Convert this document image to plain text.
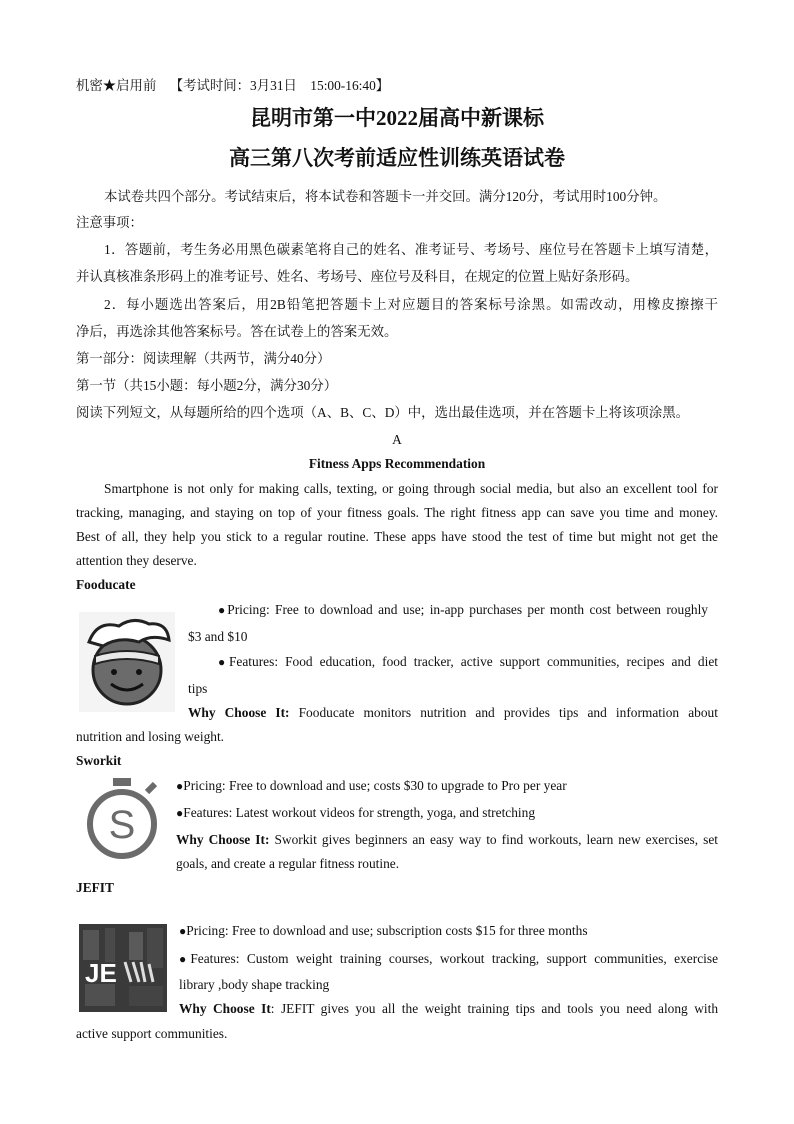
机密★启用前 【考试时间：3月31日　15:00-16:40】
昆明市第一中2022届高中新课标
高三第八次考前适应性训练英语试卷
本试卷共四个部分。考试结束后，将本试卷和答题卡一并交回。满分120分，考试用时100分钟。
注意事项：
1．答题前，考生务必用黑色碳素笔将自己的姓名、准考证号、考场号、座位号在答题卡上填写清楚，
并认真核准条形码上的准考证号、姓名、考场号、座位号及科目，在规定的位置上贴好条形码。
2．每小题选出答案后，用2B铅笔把答题卡上对应题目的答案标号涂黑。如需改动，用橡皮擦擦干
净后，再选涂其他答案标号。答在试卷上的答案无效。
第一部分：阅读理解（共两节，满分40分）
第一节（共15小题：每小题2分，满分30分）
阅读下列短文，从每题所给的四个选项（A、B、C、D）中，选出最佳选项，并在答题卡上将该项涂黑。
A
Fitness Apps Recommendation
Smartphone is not only for making calls, texting, or going through social media, but also an excellent tool for
tracking, managing, and staying on top of your fitness goals. The right fitness app can save you time and money.
Best of all, they help you stick to a regular routine. These apps have stood the test of time but might not get the
attention they deserve.
Fooducate
●Pricing: Free to download and use; in-app purchases per month cost between roughly
$3 and $10
●Features: Food education, food tracker, active support communities, recipes and diet
tips
Why Choose It: Fooducate monitors nutrition and provides tips and information about
nutrition and losing weight.
Sworkit
S
●Pricing: Free to download and use; costs $30 to upgrade to Pro per year
●Features: Latest workout videos for strength, yoga, and stretching
Why Choose It: Sworkit gives beginners an easy way to find workouts, learn new exercises, set
goals, and create a regular fitness routine.
JEFIT
JE
●Pricing: Free to download and use; subscription costs $15 for three months
●Features: Custom weight training courses, workout tracking, support communities, exercise
library ,body shape tracking
Why Choose It: JEFIT gives you all the weight training tips and tools you need along with
active support communities.
